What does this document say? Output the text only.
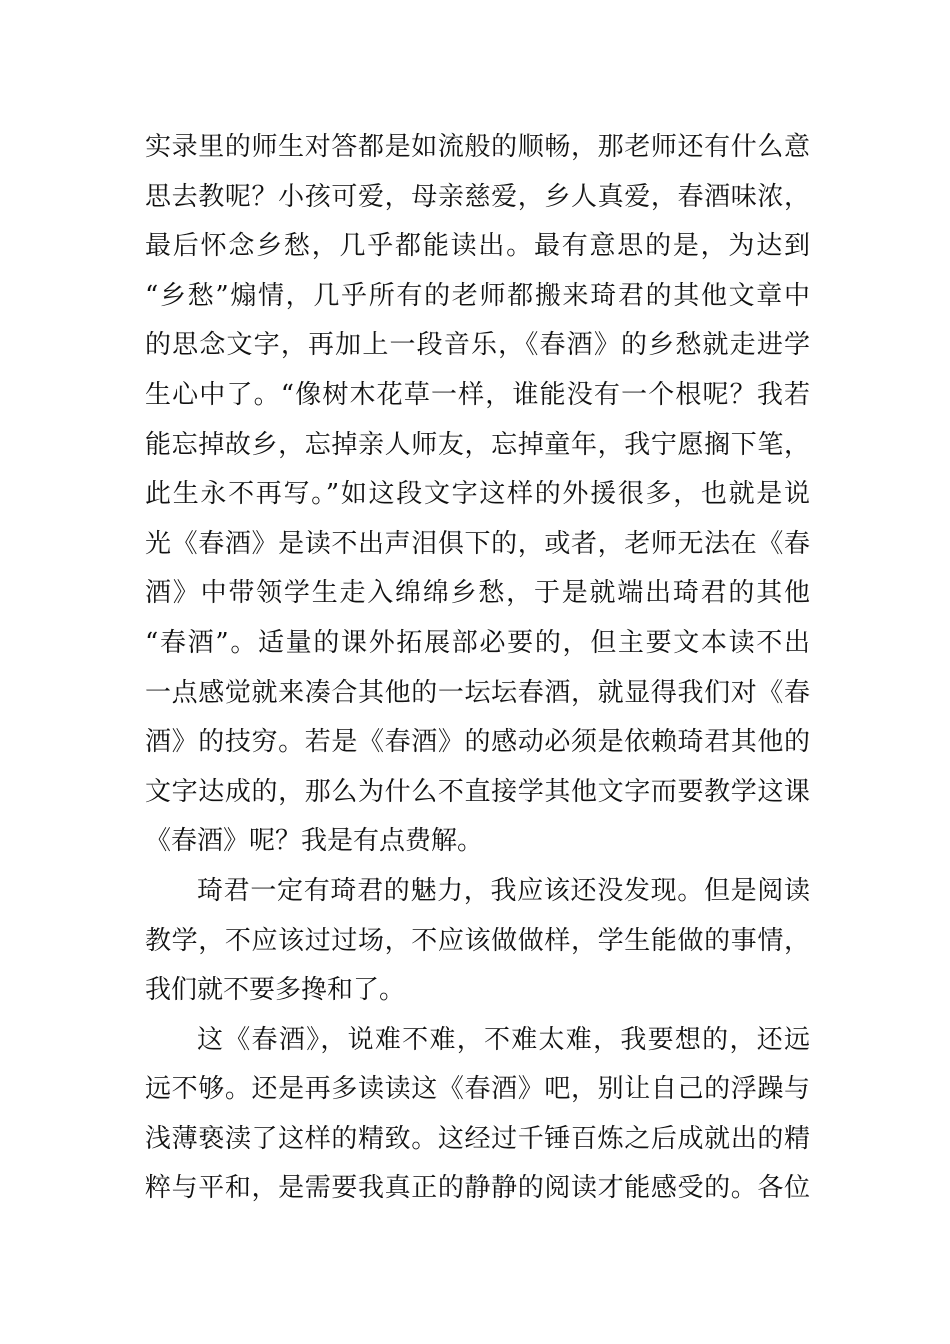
实录里的师生对答都是如流般的顺畅，那老师还有什么意
思去教呢？小孩可爱，母亲慈爱，乡人真爱，春酒味浓，
最后怀念乡愁，几乎都能读出。最有意思的是，为达到
“乡愁”煽情，几乎所有的老师都搬来琦君的其他文章中
的思念文字，再加上一段音乐，《春酒》的乡愁就走进学
生心中了。“像树木花草一样，谁能没有一个根呢？我若
能忘掉故乡，忘掉亲人师友，忘掉童年，我宁愿搁下笔，
此生永不再写。”如这段文字这样的外援很多，也就是说
光《春酒》是读不出声泪俱下的，或者，老师无法在《春
酒》中带领学生走入绵绵乡愁，于是就端出琦君的其他
“春酒”。适量的课外拓展部必要的，但主要文本读不出
一点感觉就来凑合其他的一坛坛春酒，就显得我们对《春
酒》的技穷。若是《春酒》的感动必须是依赖琦君其他的
文字达成的，那么为什么不直接学其他文字而要教学这课
《春酒》呢？我是有点费解。
琦君一定有琦君的魅力，我应该还没发现。但是阅读
教学，不应该过过场，不应该做做样，学生能做的事情，
我们就不要多搀和了。
这《春酒》，说难不难，不难太难，我要想的，还远
远不够。还是再多读读这《春酒》吧，别让自己的浮躁与
浅薄亵渎了这样的精致。这经过千锤百炼之后成就出的精
粹与平和，是需要我真正的静静的阅读才能感受的。各位
